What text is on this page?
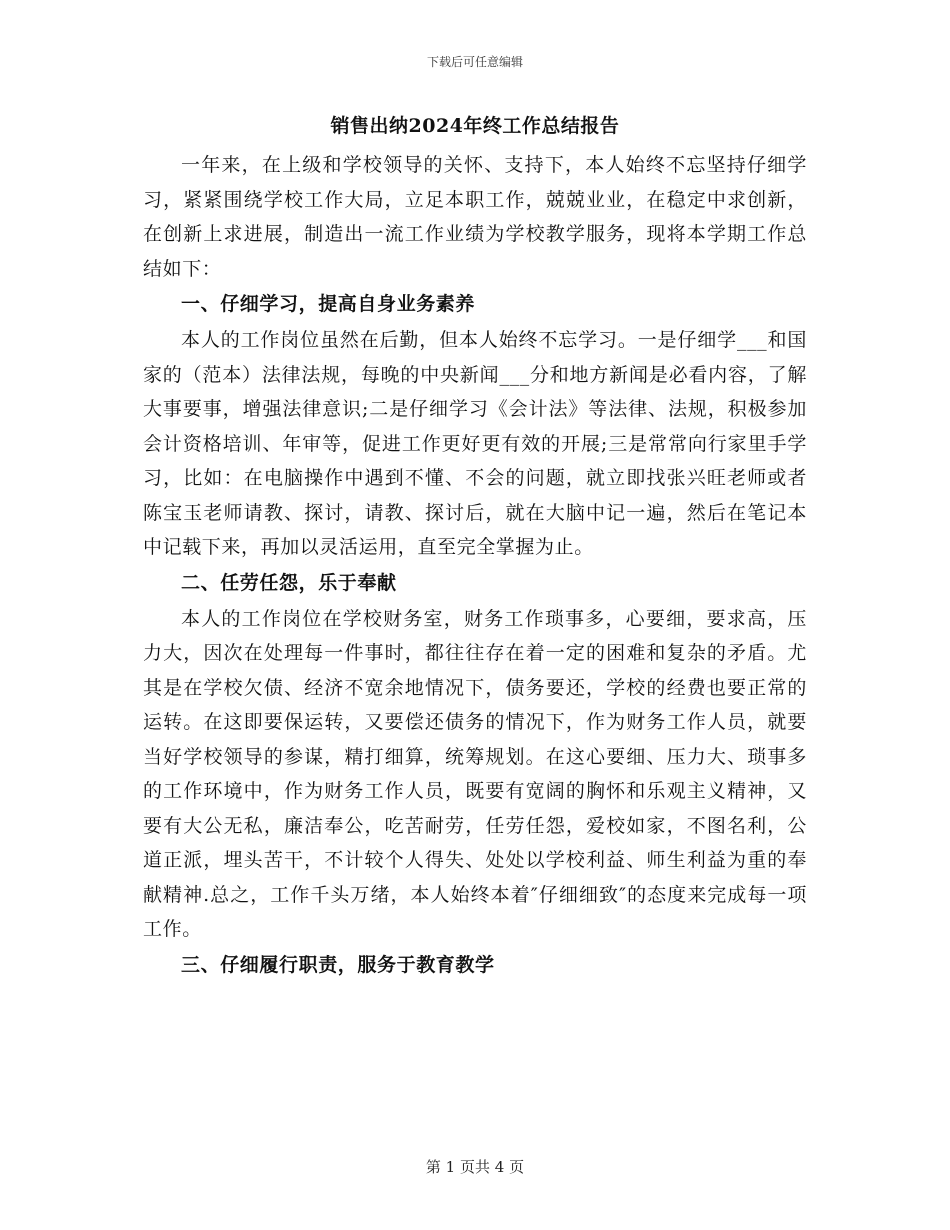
下载后可任意编辑
销售出纳2024年终工作总结报告

一年来，在上级和学校领导的关怀、支持下，本人始终不忘坚持仔细学习，紧紧围绕学校工作大局，立足本职工作，兢兢业业，在稳定中求创新，在创新上求进展，制造出一流工作业绩为学校教学服务，现将本学期工作总结如下：

一、仔细学习，提高自身业务素养

本人的工作岗位虽然在后勤，但本人始终不忘学习。一是仔细学___和国家的（范本）法律法规，每晚的中央新闻___分和地方新闻是必看内容，了解大事要事，增强法律意识;二是仔细学习《会计法》等法律、法规，积极参加会计资格培训、年审等，促进工作更好更有效的开展;三是常常向行家里手学习，比如：在电脑操作中遇到不懂、不会的问题，就立即找张兴旺老师或者陈宝玉老师请教、探讨，请教、探讨后，就在大脑中记一遍，然后在笔记本中记载下来，再加以灵活运用，直至完全掌握为止。

二、任劳任怨，乐于奉献

本人的工作岗位在学校财务室，财务工作琐事多，心要细，要求高，压力大，因次在处理每一件事时，都往往存在着一定的困难和复杂的矛盾。尤其是在学校欠债、经济不宽余地情况下，债务要还，学校的经费也要正常的运转。在这即要保运转，又要偿还债务的情况下，作为财务工作人员，就要当好学校领导的参谋，精打细算，统筹规划。在这心要细、压力大、琐事多的工作环境中，作为财务工作人员，既要有宽阔的胸怀和乐观主义精神，又要有大公无私，廉洁奉公，吃苦耐劳，任劳任怨，爱校如家，不图名利，公道正派，埋头苦干，不计较个人得失、处处以学校利益、师生利益为重的奉献精神.总之，工作千头万绪，本人始终本着″仔细细致″的态度来完成每一项工作。

三、仔细履行职责，服务于教育教学

第 1 页共 4 页
